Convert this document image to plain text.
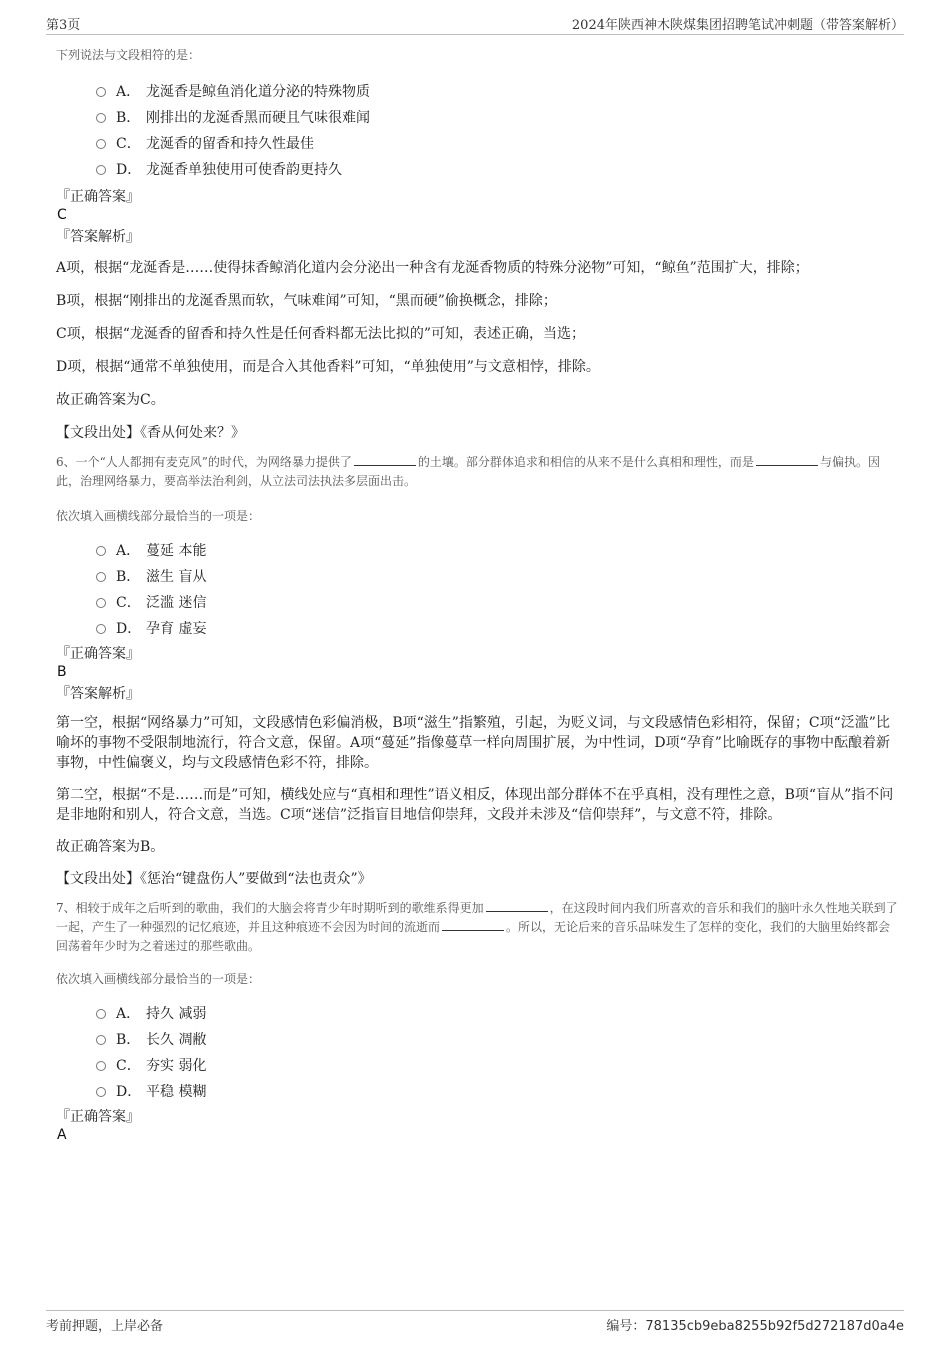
第3页	2024年陕西神木陕煤集团招聘笔试冲刺题（带答案解析）

下列说法与文段相符的是：

A． 龙涎香是鲸鱼消化道分泌的特殊物质
B． 刚排出的龙涎香黑而硬且气味很难闻
C． 龙涎香的留香和持久性最佳
D． 龙涎香单独使用可使香韵更持久

『正确答案』

C

『答案解析』

A项，根据“龙涎香是……使得抹香鲸消化道内会分泌出一种含有龙涎香物质的特殊分泌物”可知，“鲸鱼”范围扩大，排除；

B项，根据“刚排出的龙涎香黑而软，气味难闻”可知，“黑而硬”偷换概念，排除；

C项，根据“龙涎香的留香和持久性是任何香料都无法比拟的”可知，表述正确，当选；

D项，根据“通常不单独使用，而是合入其他香料”可知，“单独使用”与文意相悖，排除。

故正确答案为C。

【文段出处】《香从何处来？》

6、一个“人人都拥有麦克风”的时代，为网络暴力提供了	的土壤。部分群体追求和相信的从来不是什么真相和理性，而是	与偏执。因此，治理网络暴力，要高举法治利剑，从立法司法执法多层面出击。

依次填入画横线部分最恰当的一项是：

A． 蔓延 本能
B． 滋生 盲从
C． 泛滥 迷信
D． 孕育 虚妄

『正确答案』

B

『答案解析』

第一空，根据“网络暴力”可知，文段感情色彩偏消极，B项“滋生”指繁殖，引起，为贬义词，与文段感情色彩相符，保留；C项“泛滥”比喻坏的事物不受限制地流行，符合文意，保留。A项“蔓延”指像蔓草一样向周围扩展，为中性词，D项“孕育”比喻既存的事物中酝酿着新事物，中性偏褒义，均与文段感情色彩不符，排除。

第二空，根据“不是……而是”可知，横线处应与“真相和理性”语义相反，体现出部分群体不在乎真相，没有理性之意，B项“盲从”指不问是非地附和别人，符合文意，当选。C项“迷信”泛指盲目地信仰崇拜，文段并未涉及“信仰崇拜”，与文意不符，排除。

故正确答案为B。

【文段出处】《惩治“键盘伤人”要做到“法也责众”》

7、相较于成年之后听到的歌曲，我们的大脑会将青少年时期听到的歌维系得更加	，在这段时间内我们所喜欢的音乐和我们的脑叶永久性地关联到了一起，产生了一种强烈的记忆痕迹，并且这种痕迹不会因为时间的流逝而	。所以，无论后来的音乐品味发生了怎样的变化，我们的大脑里始终都会回荡着年少时为之着迷过的那些歌曲。

依次填入画横线部分最恰当的一项是：

A． 持久 减弱
B． 长久 凋敝
C． 夯实 弱化
D． 平稳 模糊

『正确答案』

A

考前押题，上岸必备	编号：78135cb9eba8255b92f5d272187d0a4e
